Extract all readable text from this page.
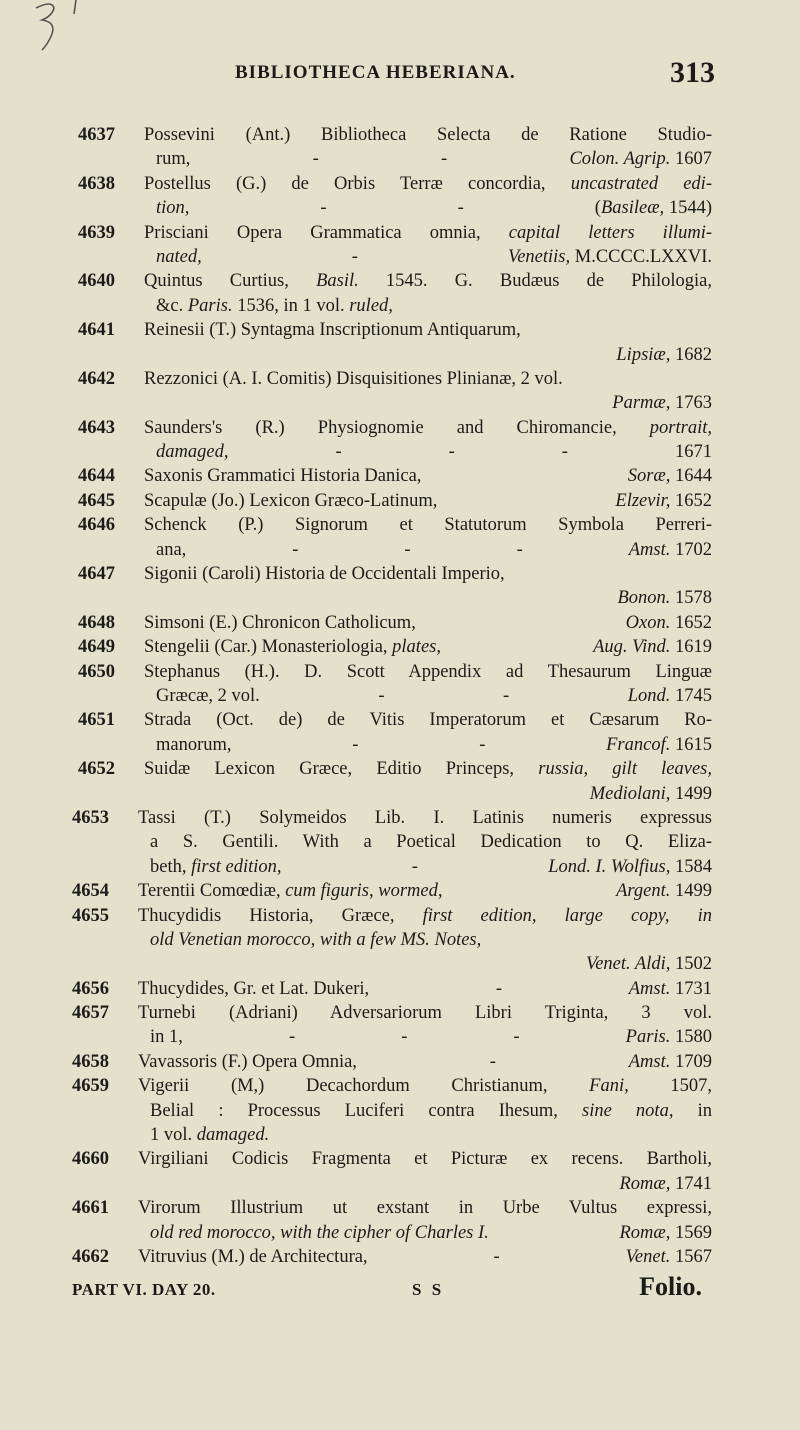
BIBLIOTHECA HEBERIANA.	313
4637	Possevini (Ant.) Bibliotheca Selecta de Ratione Studio-
rum,	-	-	Colon. Agrip. 1607
4638	Postellus (G.) de Orbis Terræ concordia, uncastrated edi-
tion,	-	-	(Basileæ, 1544)
4639	Prisciani Opera Grammatica omnia, capital letters illumi-
nated,	-	Venetiis, M.CCCC.LXXVI.
4640	Quintus Curtius, Basil. 1545. G. Budæus de Philologia,
&c. Paris. 1536, in 1 vol. ruled,
4641	Reinesii (T.) Syntagma Inscriptionum Antiquarum,
Lipsiæ, 1682
4642	Rezzonici (A. I. Comitis) Disquisitiones Plinianæ, 2 vol.
Parmæ, 1763
4643	Saunders's (R.) Physiognomie and Chiromancie, portrait,
damaged,	-	-	-	1671
4644	Saxonis Grammatici Historia Danica,	Soræ, 1644
4645	Scapulæ (Jo.) Lexicon Græco-Latinum,	Elzevir, 1652
4646	Schenck (P.) Signorum et Statutorum Symbola Perreri-
ana,	-	-	-	Amst. 1702
4647	Sigonii (Caroli) Historia de Occidentali Imperio,
Bonon. 1578
4648	Simsoni (E.) Chronicon Catholicum,	Oxon. 1652
4649	Stengelii (Car.) Monasteriologia, plates,	Aug. Vind. 1619
4650	Stephanus (H.). D. Scott Appendix ad Thesaurum Linguæ
Græcæ, 2 vol.	-	-	Lond. 1745
4651	Strada (Oct. de) de Vitis Imperatorum et Cæsarum Ro-
manorum,	-	-	Francof. 1615
4652	Suidæ Lexicon Græce, Editio Princeps, russia, gilt leaves,
Mediolani, 1499
4653	Tassi (T.) Solymeidos Lib. I. Latinis numeris expressus
a S. Gentili. With a Poetical Dedication to Q. Eliza-
beth, first edition,	-	Lond. I. Wolfius, 1584
4654	Terentii Comœdiæ, cum figuris, wormed,	Argent. 1499
4655	Thucydidis Historia, Græce, first edition, large copy, in
old Venetian morocco, with a few MS. Notes,
Venet. Aldi, 1502
4656	Thucydides, Gr. et Lat. Dukeri,	-	Amst. 1731
4657	Turnebi (Adriani) Adversariorum Libri Triginta, 3 vol.
in 1,	-	-	-	Paris. 1580
4658	Vavassoris (F.) Opera Omnia,	-	Amst. 1709
4659	Vigerii (M,) Decachordum Christianum, Fani, 1507,
Belial : Processus Luciferi contra Ihesum, sine nota, in
1 vol. damaged.
4660	Virgiliani Codicis Fragmenta et Picturæ ex recens. Bartholi,
Romæ, 1741
4661	Virorum Illustrium ut exstant in Urbe Vultus expressi,
old red morocco, with the cipher of Charles I.	Romæ, 1569
4662	Vitruvius (M.) de Architectura,	-	Venet. 1567
PART VI. DAY 20.	S S	Folio.
